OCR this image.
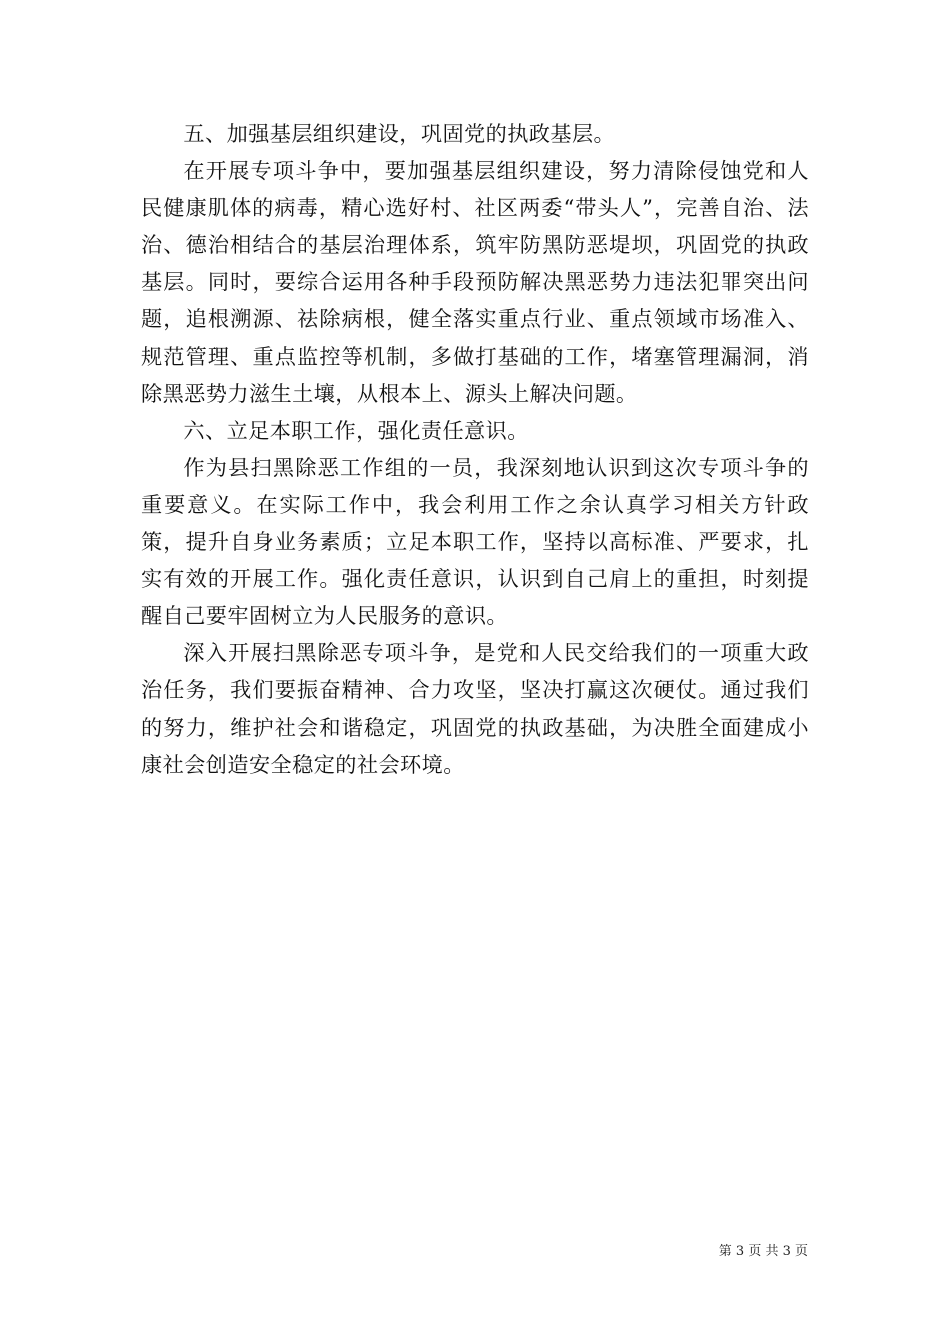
五、加强基层组织建设，巩固党的执政基层。

在开展专项斗争中，要加强基层组织建设，努力清除侵蚀党和人民健康肌体的病毒，精心选好村、社区两委“带头人”，完善自治、法治、德治相结合的基层治理体系，筑牢防黑防恶堤坝，巩固党的执政基层。同时，要综合运用各种手段预防解决黑恶势力违法犯罪突出问题，追根溯源、祛除病根，健全落实重点行业、重点领域市场准入、规范管理、重点监控等机制，多做打基础的工作，堵塞管理漏洞，消除黑恶势力滋生土壤，从根本上、源头上解决问题。

六、立足本职工作，强化责任意识。

作为县扫黑除恶工作组的一员，我深刻地认识到这次专项斗争的重要意义。在实际工作中，我会利用工作之余认真学习相关方针政策，提升自身业务素质；立足本职工作，坚持以高标准、严要求，扎实有效的开展工作。强化责任意识，认识到自己肩上的重担，时刻提醒自己要牢固树立为人民服务的意识。

深入开展扫黑除恶专项斗争，是党和人民交给我们的一项重大政治任务，我们要振奋精神、合力攻坚，坚决打赢这次硬仗。通过我们的努力，维护社会和谐稳定，巩固党的执政基础，为决胜全面建成小康社会创造安全稳定的社会环境。

第 3 页 共 3 页
